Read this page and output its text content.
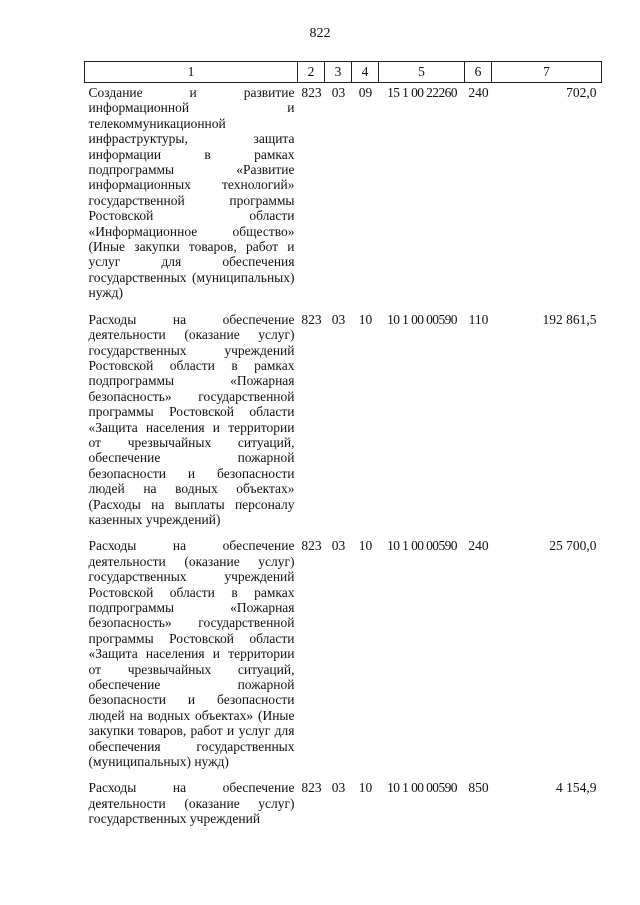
822
1	2	3	4	5	6	7
Создание и развитие информационной и телекоммуникационной инфраструктуры, защита информации в рамках подпрограммы «Развитие информационных технологий» государственной программы Ростовской области «Информационное общество» (Иные закупки товаров, работ и услуг для обеспечения государственных (муниципальных) нужд)	823	03	09	15 1 00 22260	240	702,0
Расходы на обеспечение деятельности (оказание услуг) государственных учреждений Ростовской области в рамках подпрограммы «Пожарная безопасность» государственной программы Ростовской области «Защита населения и территории от чрезвычайных ситуаций, обеспечение пожарной безопасности и безопасности людей на водных объектах» (Расходы на выплаты персоналу казенных учреждений)	823	03	10	10 1 00 00590	110	192 861,5
Расходы на обеспечение деятельности (оказание услуг) государственных учреждений Ростовской области в рамках подпрограммы «Пожарная безопасность» государственной программы Ростовской области «Защита населения и территории от чрезвычайных ситуаций, обеспечение пожарной безопасности и безопасности людей на водных объектах» (Иные закупки товаров, работ и услуг для обеспечения государственных (муниципальных) нужд)	823	03	10	10 1 00 00590	240	25 700,0
Расходы на обеспечение деятельности (оказание услуг) государственных учреждений	823	03	10	10 1 00 00590	850	4 154,9
